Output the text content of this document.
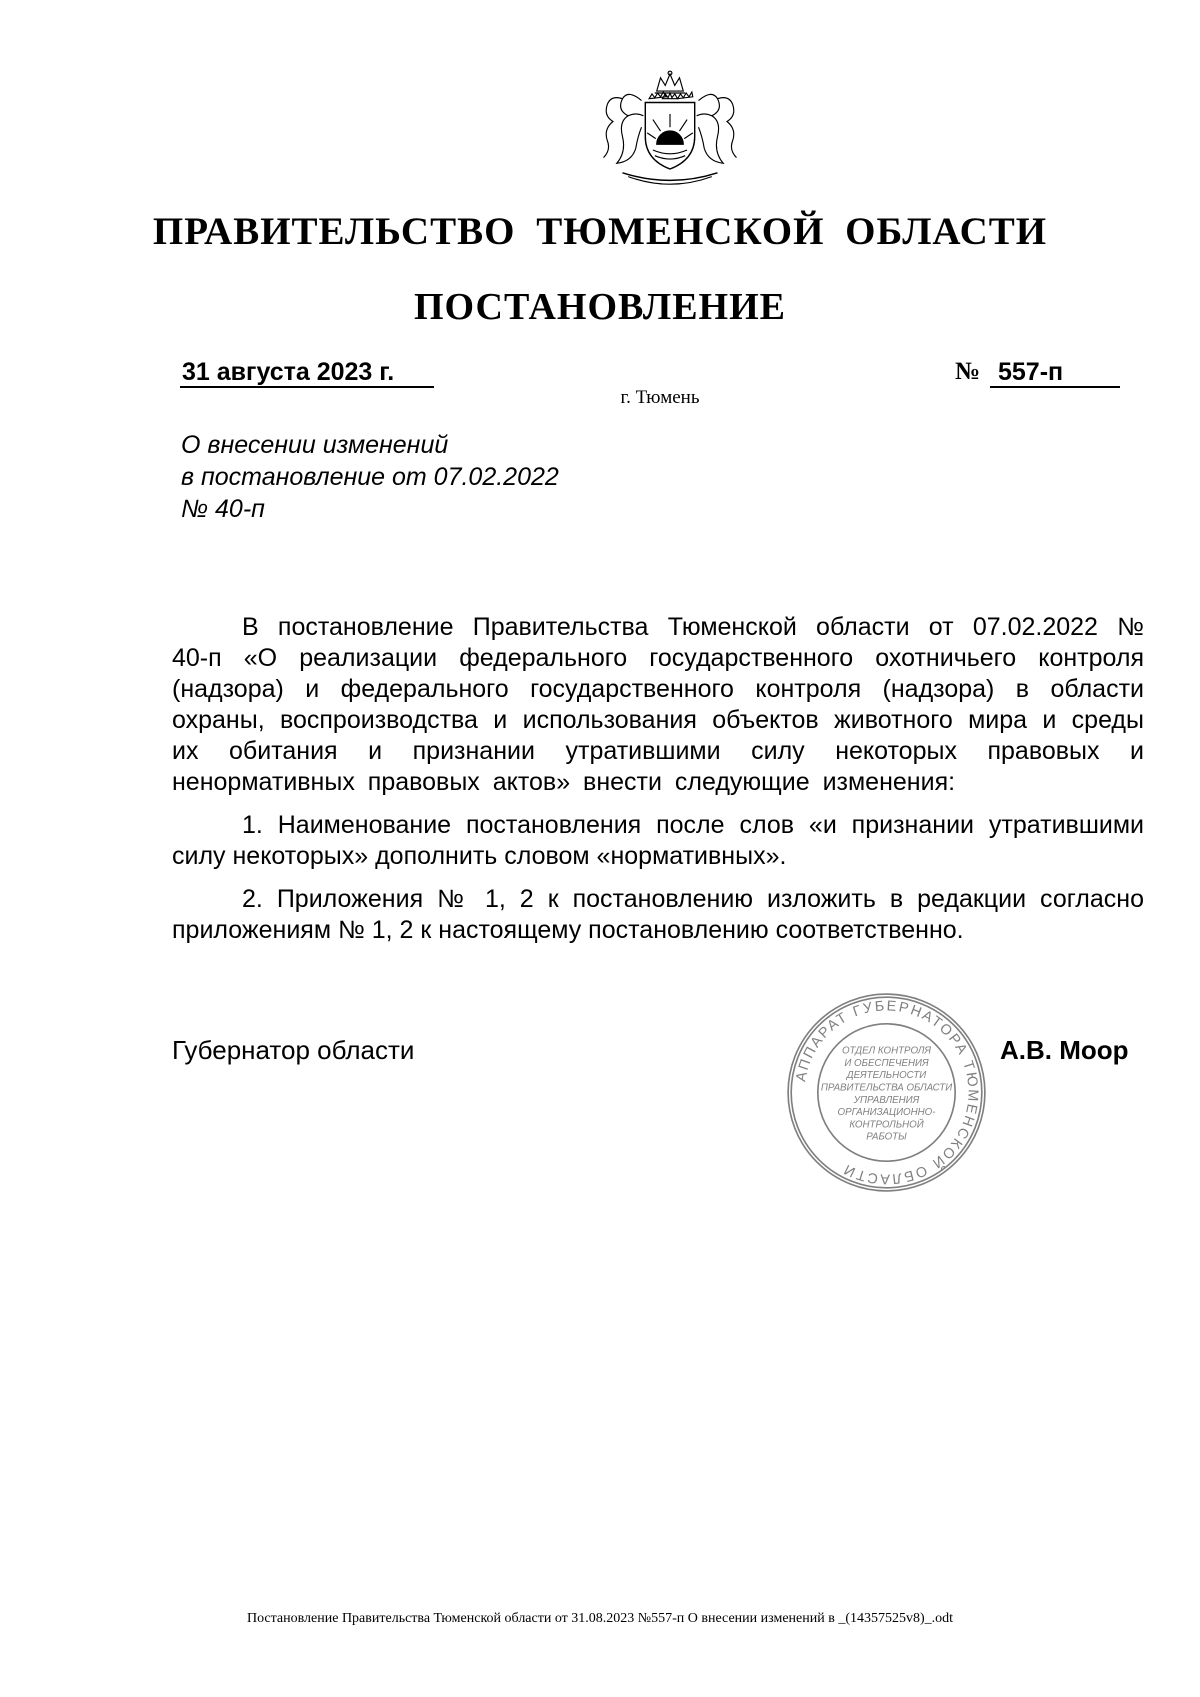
ПРАВИТЕЛЬСТВО ТЮМЕНСКОЙ ОБЛАСТИ
ПОСТАНОВЛЕНИЕ
31 августа 2023 г.	№ 557-п
г. Тюмень
О внесении изменений
в постановление от 07.02.2022
№ 40-п

В постановление Правительства Тюменской области от 07.02.2022 № 40-п «О реализации федерального государственного охотничьего контроля (надзора) и федерального государственного контроля (надзора) в области охраны, воспроизводства и использования объектов животного мира и среды их обитания и признании утратившими силу некоторых правовых и ненормативных правовых актов» внести следующие изменения:

1. Наименование постановления после слов «и признании утратившими силу некоторых» дополнить словом «нормативных».

2. Приложения № 1, 2 к постановлению изложить в редакции согласно приложениям № 1, 2 к настоящему постановлению соответственно.

АППАРАТ ГУБЕРНАТОРА ТЮМЕНСКОЙ ОБЛАСТИ
ОТДЕЛ КОНТРОЛЯ
И ОБЕСПЕЧЕНИЯ
ДЕЯТЕЛЬНОСТИ
ПРАВИТЕЛЬСТВА ОБЛАСТИ
УПРАВЛЕНИЯ
ОРГАНИЗАЦИОННО-
КОНТРОЛЬНОЙ
РАБОТЫ
Губернатор области	А.В. Моор
Постановление Правительства Тюменской области от 31.08.2023 №557-п О внесении изменений в _(14357525v8)_.odt
